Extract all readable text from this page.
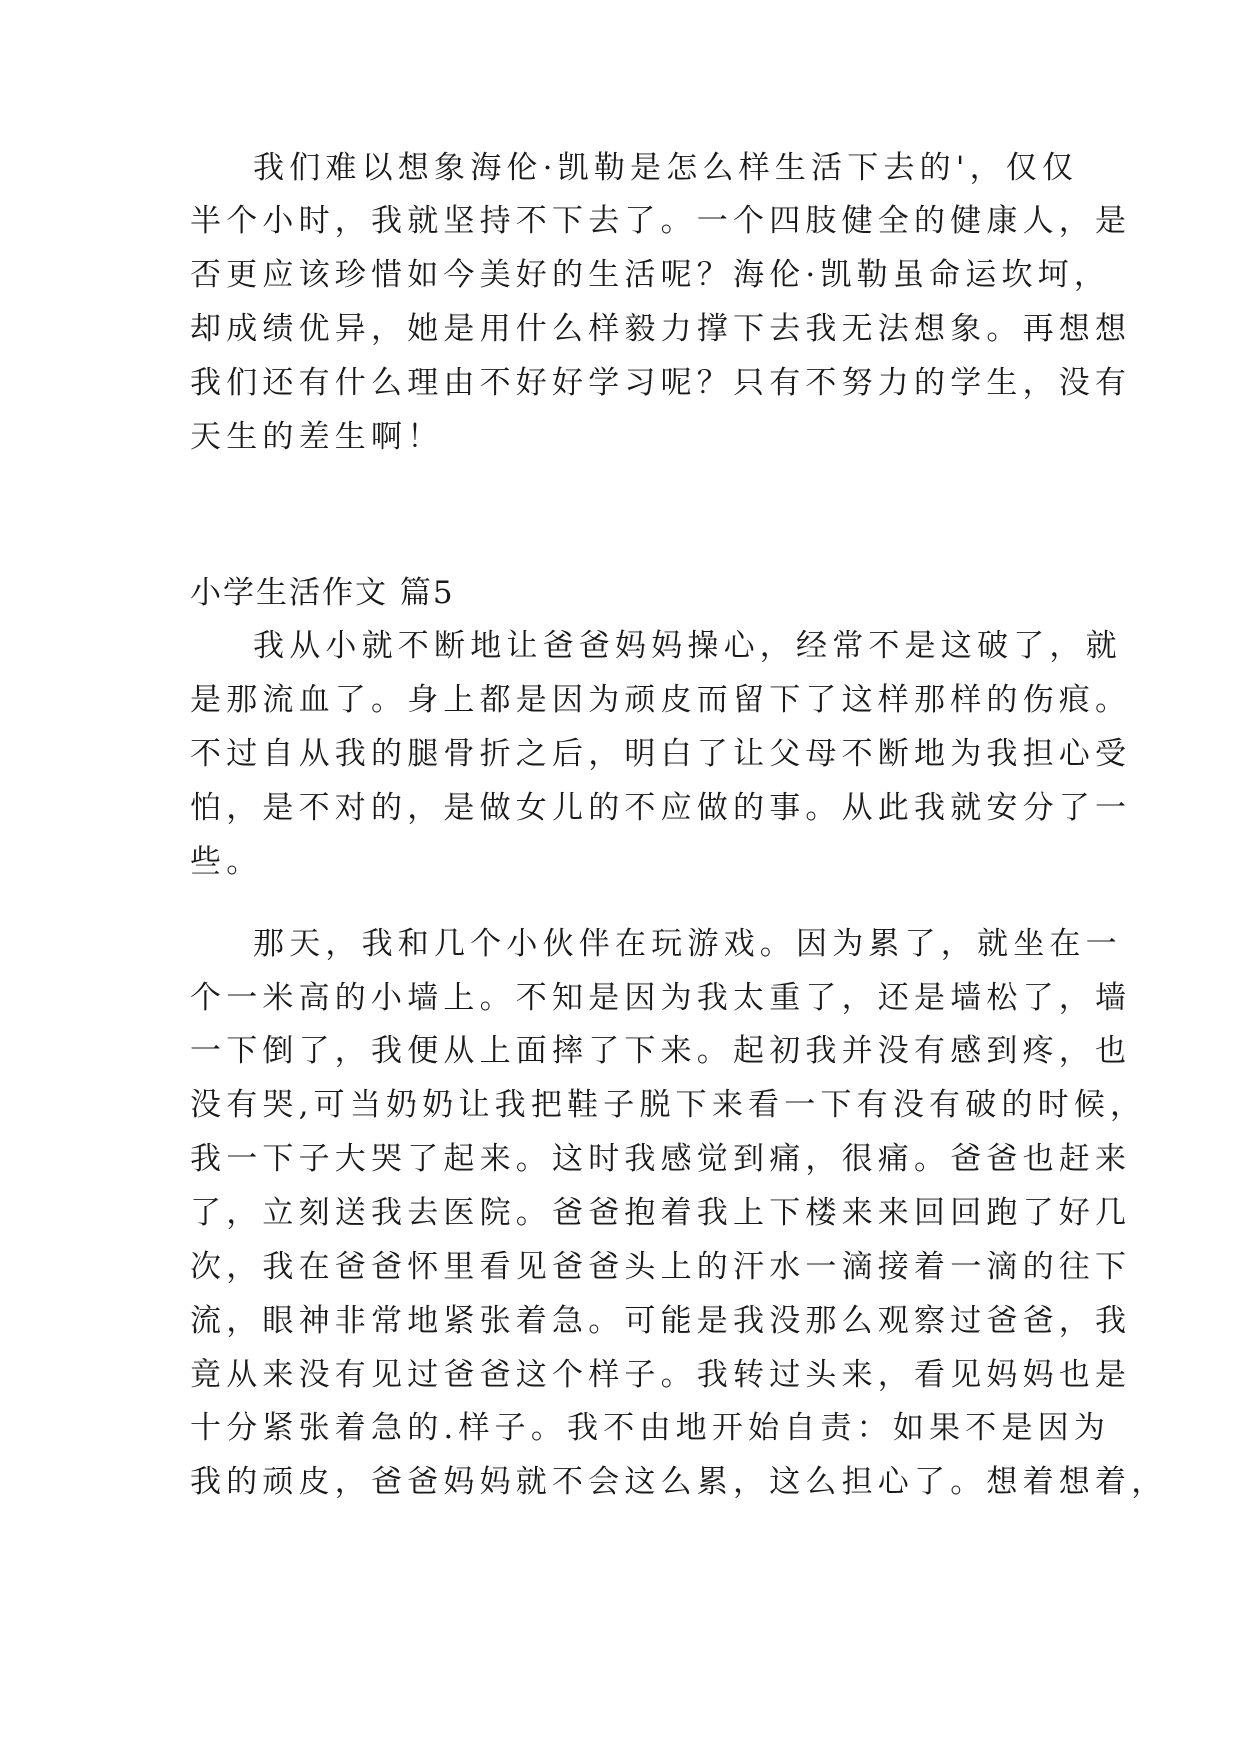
我们难以想象海伦·凯勒是怎么样生活下去的'，仅仅
半个小时，我就坚持不下去了。一个四肢健全的健康人，是
否更应该珍惜如今美好的生活呢？海伦·凯勒虽命运坎坷，
却成绩优异，她是用什么样毅力撑下去我无法想象。再想想
我们还有什么理由不好好学习呢？只有不努力的学生，没有
天生的差生啊！
小学生活作文 篇5
我从小就不断地让爸爸妈妈操心，经常不是这破了，就
是那流血了。身上都是因为顽皮而留下了这样那样的伤痕。
不过自从我的腿骨折之后，明白了让父母不断地为我担心受
怕，是不对的，是做女儿的不应做的事。从此我就安分了一
些。
那天，我和几个小伙伴在玩游戏。因为累了，就坐在一
个一米高的小墙上。不知是因为我太重了，还是墙松了，墙
一下倒了，我便从上面摔了下来。起初我并没有感到疼，也
没有哭,可当奶奶让我把鞋子脱下来看一下有没有破的时候，
我一下子大哭了起来。这时我感觉到痛，很痛。爸爸也赶来
了，立刻送我去医院。爸爸抱着我上下楼来来回回跑了好几
次，我在爸爸怀里看见爸爸头上的汗水一滴接着一滴的往下
流，眼神非常地紧张着急。可能是我没那么观察过爸爸，我
竟从来没有见过爸爸这个样子。我转过头来，看见妈妈也是
十分紧张着急的.样子。我不由地开始自责：如果不是因为
我的顽皮，爸爸妈妈就不会这么累，这么担心了。想着想着，
